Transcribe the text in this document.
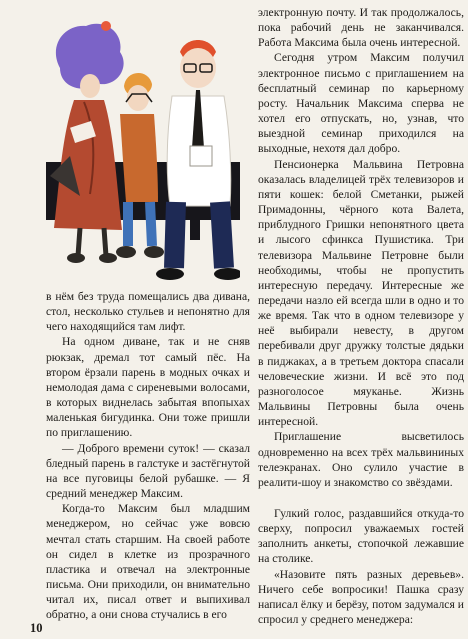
в нём без труда помещались два дивана, стол, несколько стульев и непонятно для чего находящийся там лифт.

На одном диване, так и не сняв рюкзак, дремал тот самый пёс. На втором ёрзали парень в модных очках и немолодая дама с сиреневыми волосами, в которых виднелась забытая впопыхах маленькая бигудинка. Они тоже пришли по приглашению.

— Доброго времени суток! — сказал бледный парень в галстуке и застёгнутой на все пуговицы белой рубашке. — Я средний менеджер Максим.

Когда-то Максим был младшим менеджером, но сейчас уже вовсю мечтал стать старшим. На своей работе он сидел в клетке из прозрачного пластика и отвечал на электронные письма. Они приходили, он внимательно читал их, писал ответ и выпихивал обратно, а они снова стучались в его

электронную почту. И так продолжалось, пока рабочий день не заканчивался. Работа Максима была очень интересной.

Сегодня утром Максим получил электронное письмо с приглашением на бесплатный семинар по карьерному росту. Начальник Максима сперва не хотел его отпускать, но, узнав, что выездной семинар приходился на выходные, нехотя дал добро.

Пенсионерка Мальвина Петровна оказалась владелицей трёх телевизоров и пяти кошек: белой Сметанки, рыжей Примадонны, чёрного кота Валета, приблудного Гришки непонятного цвета и лысого сфинкса Пушистика. Три телевизора Мальвине Петровне были необходимы, чтобы не пропустить интересную передачу. Интересные же передачи назло ей всегда шли в одно и то же время. Так что в одном телевизоре у неё выбирали невесту, в другом перебивали друг дружку толстые дядьки в пиджаках, а в третьем доктора спасали человеческие жизни. И всё это под разноголосое мяуканье. Жизнь Мальвины Петровны была очень интересной.

Приглашение высветилось одновременно на всех трёх мальвининых телеэкранах. Оно сулило участие в реалити-шоу и знакомство со звёздами.

Гулкий голос, раздавшийся откуда-то сверху, попросил уважаемых гостей заполнить анкеты, стопочкой лежавшие на столике.

«Назовите пять разных деревьев». Ничего себе вопросики! Пашка сразу написал ёлку и берёзу, потом задумался и спросил у среднего менеджера:

10
